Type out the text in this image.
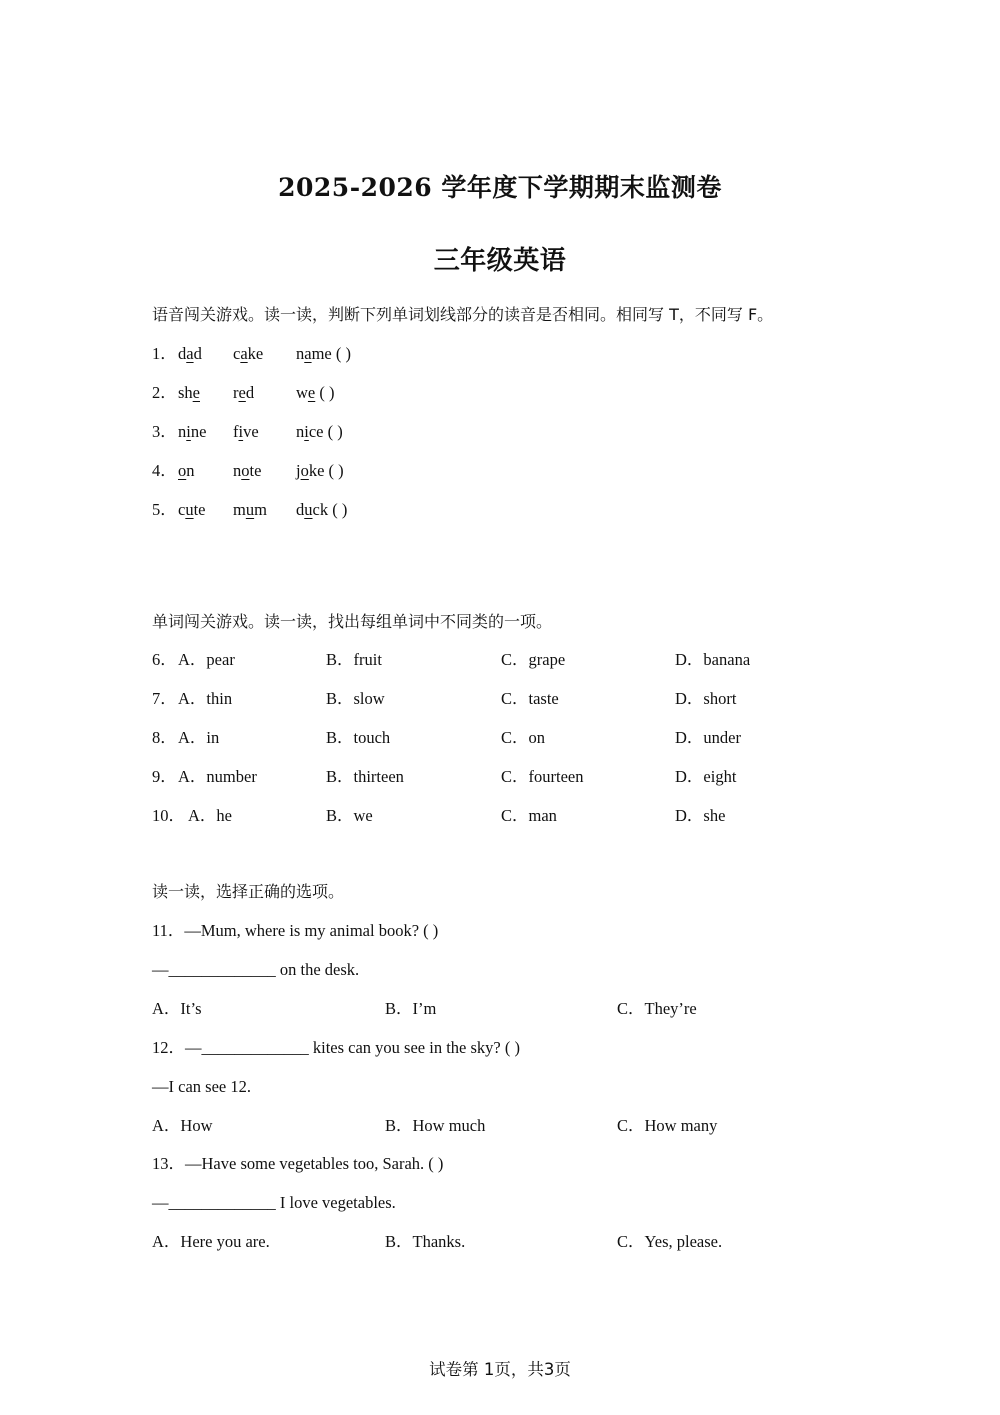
2025-2026 学年度下学期期末监测卷
三年级英语
语音闯关游戏。读一读，判断下列单词划线部分的读音是否相同。相同写 T，不同写 F。
1． dad cake name ( )
2． she red	we ( )
3． nine five nice ( )
4． on note joke ( )
5． cute mum duck ( )
单词闯关游戏。读一读，找出每组单词中不同类的一项。
6． A．pear	B．fruit	C．grape	D．banana
7． A．thin	B．slow	C．taste	D．short
8． A．in	B．touch	C．on	D．under
9． A．number	B．thirteen	C．fourteen	D．eight
10． A．he	B．we	C．man	D．she
读一读，选择正确的选项。
11．—Mum, where is my animal book? ( )
—_____________ on the desk.
A．It’s	B．I’m	C．They’re
12．—_____________ kites can you see in the sky? ( )
—I can see 12.
A．How	B．How much	C．How many
13．—Have some vegetables too, Sarah. ( )
—_____________ I love vegetables.
A．Here you are.	B．Thanks.	C．Yes, please.
试卷第 1页，共3页
